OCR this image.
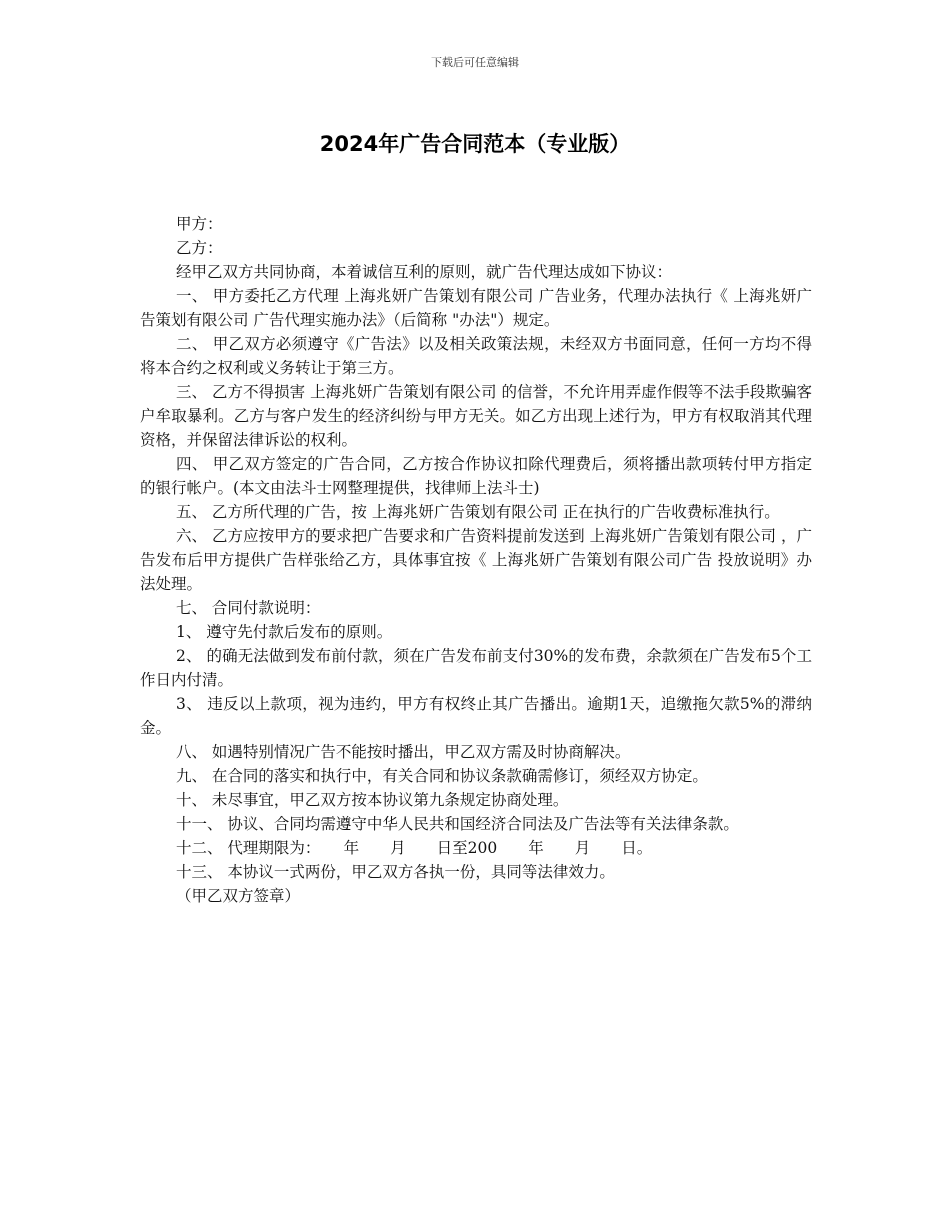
下载后可任意编辑
2024年广告合同范本（专业版）

甲方：

乙方：

经甲乙双方共同协商，本着诚信互利的原则，就广告代理达成如下协议：

一、 甲方委托乙方代理 上海兆妍广告策划有限公司 广告业务，代理办法执行《 上海兆妍广告策划有限公司 广告代理实施办法》（后简称 "办法"）规定。

二、 甲乙双方必须遵守《广告法》以及相关政策法规，未经双方书面同意，任何一方均不得将本合约之权利或义务转让于第三方。

三、 乙方不得损害 上海兆妍广告策划有限公司 的信誉，不允许用弄虚作假等不法手段欺骗客户牟取暴利。乙方与客户发生的经济纠纷与甲方无关。如乙方出现上述行为，甲方有权取消其代理资格，并保留法律诉讼的权利。

四、 甲乙双方签定的广告合同，乙方按合作协议扣除代理费后，须将播出款项转付甲方指定的银行帐户。(本文由法斗士网整理提供，找律师上法斗士)

五、 乙方所代理的广告，按 上海兆妍广告策划有限公司 正在执行的广告收费标准执行。

六、 乙方应按甲方的要求把广告要求和广告资料提前发送到 上海兆妍广告策划有限公司 ，广告发布后甲方提供广告样张给乙方，具体事宜按《 上海兆妍广告策划有限公司广告 投放说明》办法处理。

七、 合同付款说明：

1、 遵守先付款后发布的原则。

2、 的确无法做到发布前付款，须在广告发布前支付30%的发布费，余款须在广告发布5个工作日内付清。

3、 违反以上款项，视为违约，甲方有权终止其广告播出。逾期1天，追缴拖欠款5%的滞纳金。

八、 如遇特别情况广告不能按时播出，甲乙双方需及时协商解决。

九、 在合同的落实和执行中，有关合同和协议条款确需修订，须经双方协定。

十、 未尽事宜，甲乙双方按本协议第九条规定协商处理。

十一、 协议、合同均需遵守中华人民共和国经济合同法及广告法等有关法律条款。

十二、 代理期限为：　　年　　月　　日至200　　年　　月　　日。

十三、 本协议一式两份，甲乙双方各执一份，具同等法律效力。

（甲乙双方签章）
